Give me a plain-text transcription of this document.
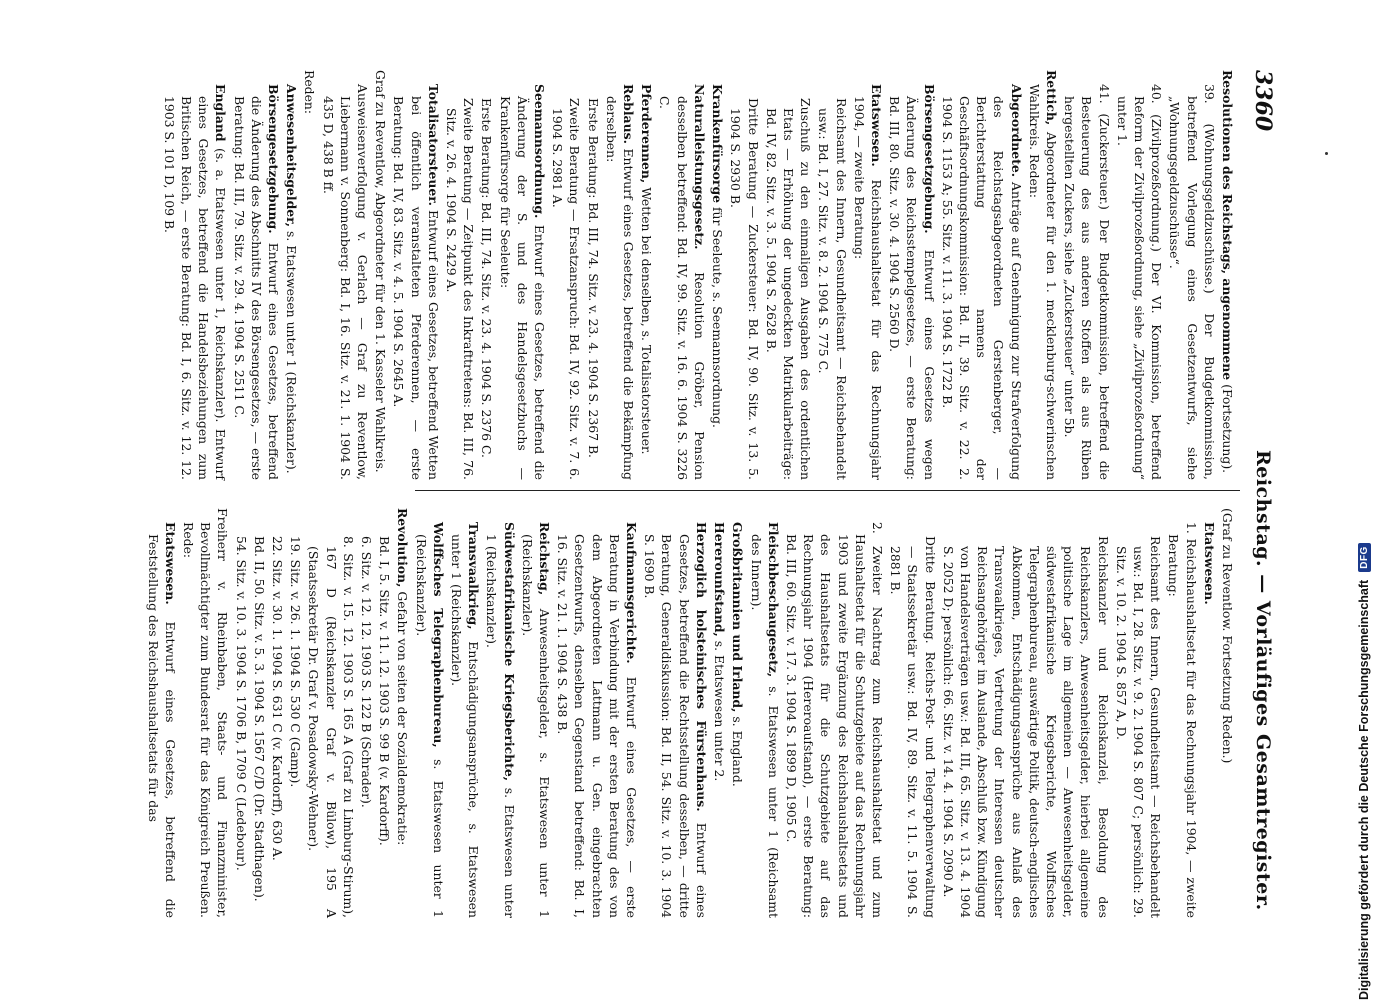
3360
Reichstag. — Vorläufiges Gesamtregister.

Resolutionen des Reichstags, angenommene (Fortsetzung).

39. (Wohnungsgeldzuschüsse.) Der Budgetkommission, betreffend Vorlegung eines Gesetzentwurfs, siehe „Wohnungsgeldzuschüsse“.

40. (Zivilprozeßordnung.) Der VI. Kommission, betreffend Reform der Zivilprozeßordnung, siehe „Zivilprozeßordnung“ unter 1.

41. (Zuckersteuer.) Der Budgetkommission, betreffend die Besteuerung des aus anderen Stoffen als aus Rüben hergestellten Zuckers, siehe „Zuckersteuer“ unter 5b.

Rettich, Abgeordneter für den 1. mecklenburg-schwerinschen Wahlkreis. Reden:

Abgeordnete. Anträge auf Genehmigung zur Strafverfolgung des Reichstagsabgeordneten Gerstenberger, — Berichterstattung namens der Geschäftsordnungskommission: Bd. II, 39. Sitz. v. 22. 2. 1904 S. 1153 A; 55. Sitz. v. 11. 3. 1904 S. 1722 B.

Börsengesetzgebung. Entwurf eines Gesetzes wegen Änderung des Reichsstempelgesetzes, — erste Beratung: Bd. III, 80. Sitz. v. 30. 4. 1904 S. 2560 D.

Etatswesen. Reichshaushaltsetat für das Rechnungsjahr 1904, — zweite Beratung:

Reichsamt des Innern, Gesundheitsamt — Reichsbehandelt usw.: Bd. I, 27. Sitz. v. 8. 2. 1904 S. 775 C.

Zuschuß zu den einmaligen Ausgaben des ordentlichen Etats — Erhöhung der ungedeckten Matrikularbeiträge: Bd. IV, 82. Sitz. v. 3. 5. 1904 S. 2628 B.

Dritte Beratung — Zuckersteuer: Bd. IV, 90. Sitz. v. 13. 5. 1904 S. 2930 B.

Krankenfürsorge für Seeleute, s. Seemannsordnung.

Naturalleistungsgesetz. Resolution Gröber, Pension desselben betreffend: Bd. IV, 99. Sitz. v. 16. 6. 1904 S. 3226 C.

Pferderennen, Wetten bei denselben, s. Totalisatorsteuer.

Reblaus. Entwurf eines Gesetzes, betreffend die Bekämpfung derselben:

Erste Beratung: Bd. III, 74. Sitz. v. 23. 4. 1904 S. 2367 B.

Zweite Beratung — Ersatzanspruch: Bd. IV, 92. Sitz. v. 7. 6. 1904 S. 2981 A.

Seemannsordnung. Entwurf eines Gesetzes, betreffend die Änderung der S. und des Handelsgesetzbuchs — Krankenfürsorge für Seeleute:

Erste Beratung: Bd. III, 74. Sitz. v. 23. 4. 1904 S. 2376 C.

Zweite Beratung — Zeitpunkt des Inkrafttretens: Bd. III, 76. Sitz. v. 26. 4. 1904 S. 2429 A.

Totalisatorsteuer. Entwurf eines Gesetzes, betreffend Wetten bei öffentlich veranstalteten Pferderennen, — erste Beratung: Bd. IV, 83. Sitz. v. 4. 5. 1904 S. 2645 A.

Graf zu Reventlow, Abgeordneter für den 1. Kasseler Wahlkreis.

Ausweisenverfolgung v. Gerlach — Graf zu Reventlow, Liebermann v. Sonnenberg: Bd. I, 16. Sitz. v. 21. 1. 1904 S. 435 D, 438 B ff.

Reden:

Anwesenheitsgelder, s. Etatswesen unter 1 (Reichskanzler).

Börsengesetzgebung. Entwurf eines Gesetzes, betreffend die Änderung des Abschnitts IV des Börsengesetzes, — erste Beratung: Bd. III, 79. Sitz. v. 29. 4. 1904 S. 2511 C.

England (s. a. Etatswesen unter 1, Reichskanzler). Entwurf eines Gesetzes, betreffend die Handelsbeziehungen zum Britischen Reich, — erste Beratung: Bd. I, 6. Sitz. v. 12. 12. 1903 S. 101 D, 109 B.

(Graf zu Reventlow. Fortsetzung Reden.)

Etatswesen.

1. Reichshaushaltsetat für das Rechnungsjahr 1904, — zweite Beratung:

Reichsamt des Innern, Gesundheitsamt — Reichsbehandelt usw.: Bd. I, 28. Sitz. v. 9. 2. 1904 S. 807 C; persönlich: 29. Sitz. v. 10. 2. 1904 S. 857 A, D.

Reichskanzler und Reichskanzlei, Besoldung des Reichskanzlers, Anwesenheitsgelder, hierbei allgemeine politische Lage im allgemeinen — Anwesenheitsgelder, südwestafrikanische Kriegsberichte, Wolffsches Telegraphenbureau, auswärtige Politik, deutsch-englisches Abkommen, Entschädigungsansprüche aus Anlaß des Transvaalkrieges, Vertretung der Interessen deutscher Reichsangehöriger im Auslande, Abschluß bzw. Kündigung von Handelsverträgen usw.: Bd. III, 65. Sitz. v. 13. 4. 1904 S. 2052 D; persönlich: 66. Sitz. v. 14. 4. 1904 S. 2090 A.

Dritte Beratung. Reichs-Post- und Telegraphenverwaltung — Staatssekretär usw.: Bd. IV, 89. Sitz. v. 11. 5. 1904 S. 2881 B.

2. Zweiter Nachtrag zum Reichshaushaltsetat und zum Haushaltsetat für die Schutzgebiete auf das Rechnungsjahr 1903 und zweite Ergänzung des Reichshaushaltsetats und des Haushaltsetats für die Schutzgebiete auf das Rechnungsjahr 1904 (Hereroaufstand), — erste Beratung: Bd. III, 60. Sitz. v. 17. 3. 1904 S. 1899 D, 1905 C.

Fleischbeschaugesetz, s. Etatswesen unter 1 (Reichsamt des Innern).

Großbritannien und Irland, s. England.

Hererounfstand, s. Etatswesen unter 2.

Herzoglich holsteinisches Fürstenhaus. Entwurf eines Gesetzes, betreffend die Rechtsstellung desselben, — dritte Beratung, Generaldiskussion: Bd. II, 54. Sitz. v. 10. 3. 1904 S. 1690 B.

Kaufmannsgerichte. Entwurf eines Gesetzes, — erste Beratung in Verbindung mit der ersten Beratung des von dem Abgeordneten Lattmann u. Gen. eingebrachten Gesetzentwurfs, denselben Gegenstand betreffend: Bd. I, 16. Sitz. v. 21. 1. 1904 S. 438 B.

Reichstag, Anwesenheitsgelder, s. Etatswesen unter 1 (Reichskanzler).

Südwestafrikanische Kriegsberichte, s. Etatswesen unter 1 (Reichskanzler).

Transvaalkrieg, Entschädigungsansprüche, s. Etatswesen unter 1 (Reichskanzler).

Wolffsches Telegraphenbureau, s. Etatswesen unter 1 (Reichskanzler).

Revolution, Gefahr von seiten der Sozialdemokratie:

Bd. I, 5. Sitz. v. 11. 12. 1903 S. 99 B (v. Kardorff).

6. Sitz. v. 12. 12. 1903 S. 122 B (Schrader).

8. Sitz. v. 15. 12. 1903 S. 165 A (Graf zu Limburg-Stirum), 167 D (Reichskanzler Graf v. Bülow), 195 A (Staatssekretär Dr. Graf v. Posadowsky-Wehner).

19. Sitz. v. 26. 1. 1904 S. 530 C (Gamp).

22. Sitz. v. 30. 1. 1904 S. 631 C (v. Kardorff), 630 A.

Bd. II, 50. Sitz. v. 5. 3. 1904 S. 1567 C/D (Dr. Stadthagen).

54. Sitz. v. 10. 3. 1904 S. 1706 B, 1709 C (Ledebour).

Freiherr v. Rheinbaben, Staats- und Finanzminister, Bevollmächtigter zum Bundesrat für das Königreich Preußen. Rede:

Etatswesen. Entwurf eines Gesetzes, betreffend die Feststellung des Reichshaushaltsetats für das	Digitalisierung gefördert durch die Deutsche Forschungsgemeinschaft
DFG
